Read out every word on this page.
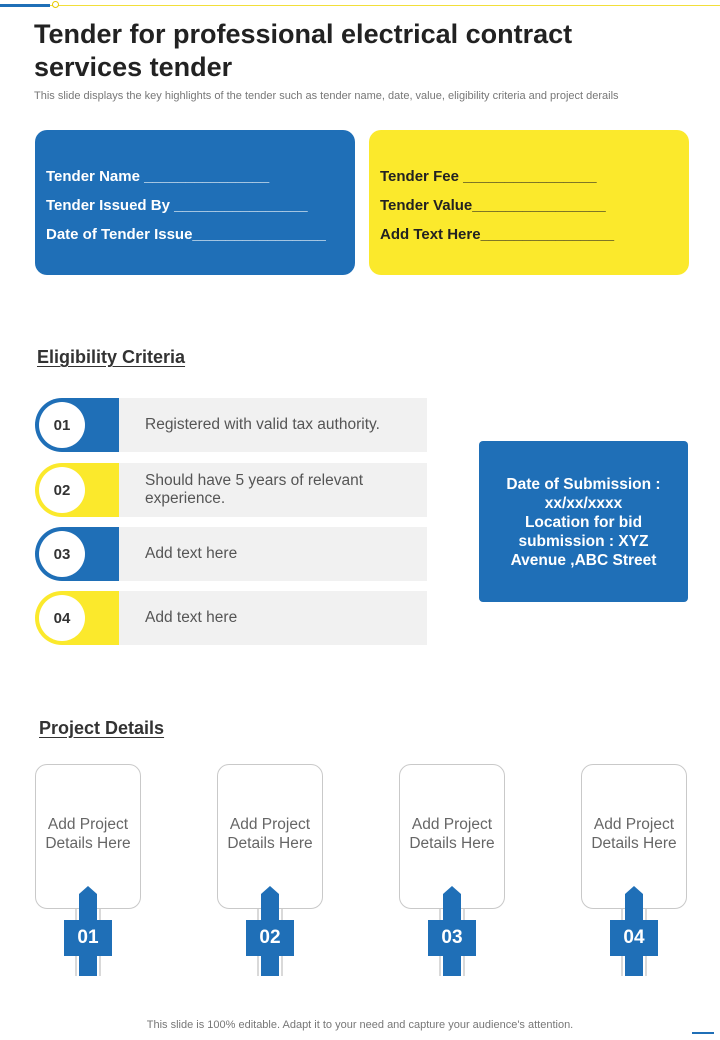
Tender for professional electrical contract services tender
This slide displays the key highlights of the tender such as tender name, date, value, eligibility criteria and project derails
Tender Name _______________
Tender Issued By ________________
Date of Tender Issue________________
Tender Fee ________________
Tender Value________________
Add Text Here________________
Eligibility Criteria
01	Registered with valid tax authority.
02
Should have 5 years of relevant experience.
03	Add text here
04	Add text here
Date of Submission : xx/xx/xxxx
Location for bid submission : XYZ Avenue ,ABC Street
Project Details
Add Project Details Here
01
Add Project Details Here
02
Add Project Details Here
03
Add Project Details Here
04
This slide is 100% editable. Adapt it to your need and capture your audience's attention.
